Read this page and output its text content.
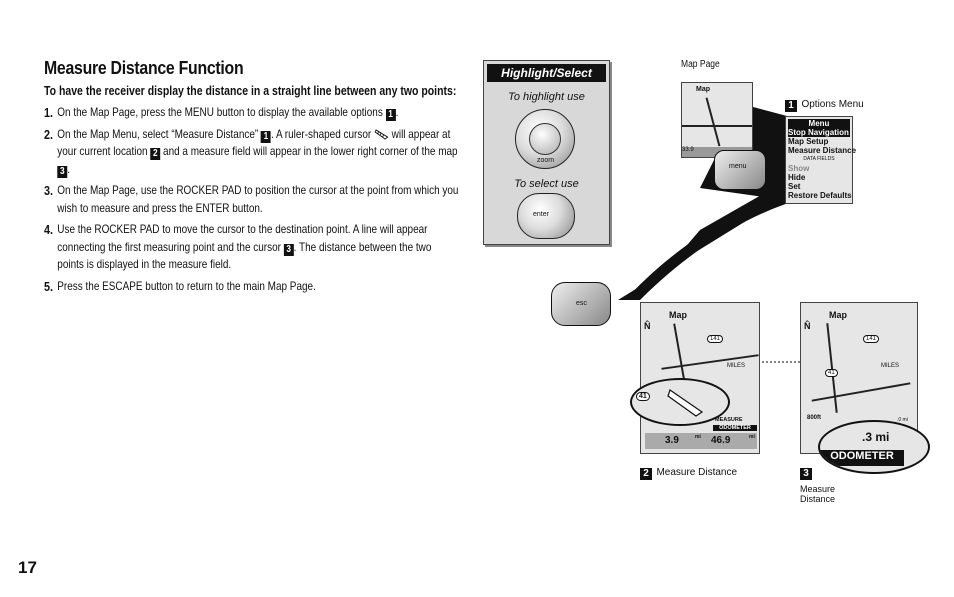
Measure Distance Function
To have the receiver display the distance in a straight line between any two points:
1. On the Map Page, press the MENU button to display the available options 1 .
2. On the Map Menu, select “Measure Distance” 1 . A ruler-shaped cursor will appear at your current location 2 and a measure field will appear in the lower right corner of the map 3 .
3. On the Map Page, use the ROCKER PAD to position the cursor at the point from which you wish to measure and press the ENTER button.
4. Use the ROCKER PAD to move the cursor to the destination point. A line will appear connecting the first measuring point and the cursor 3 . The distance between the two points is displayed in the measure field.
5. Press the ESCAPE button to return to the main Map Page.
17
Highlight/Select
To highlight use
zoom
To select use
enter
esc
Map Page
Map
33.9
menu
1 Options Menu
Menu
Stop Navigation
Map Setup
Measure Distance
DATA FIELDS
Show
Hide
Set
Restore Defaults
Map
N̂
141
MILES
MEASURE
ODOMETER
3.9	mi 46.9	mi
41
2 Measure Distance
Map
N̂
141
41
MILES
800ft	.0 mi
.3 mi
ODOMETER
3
Measure
Distance
